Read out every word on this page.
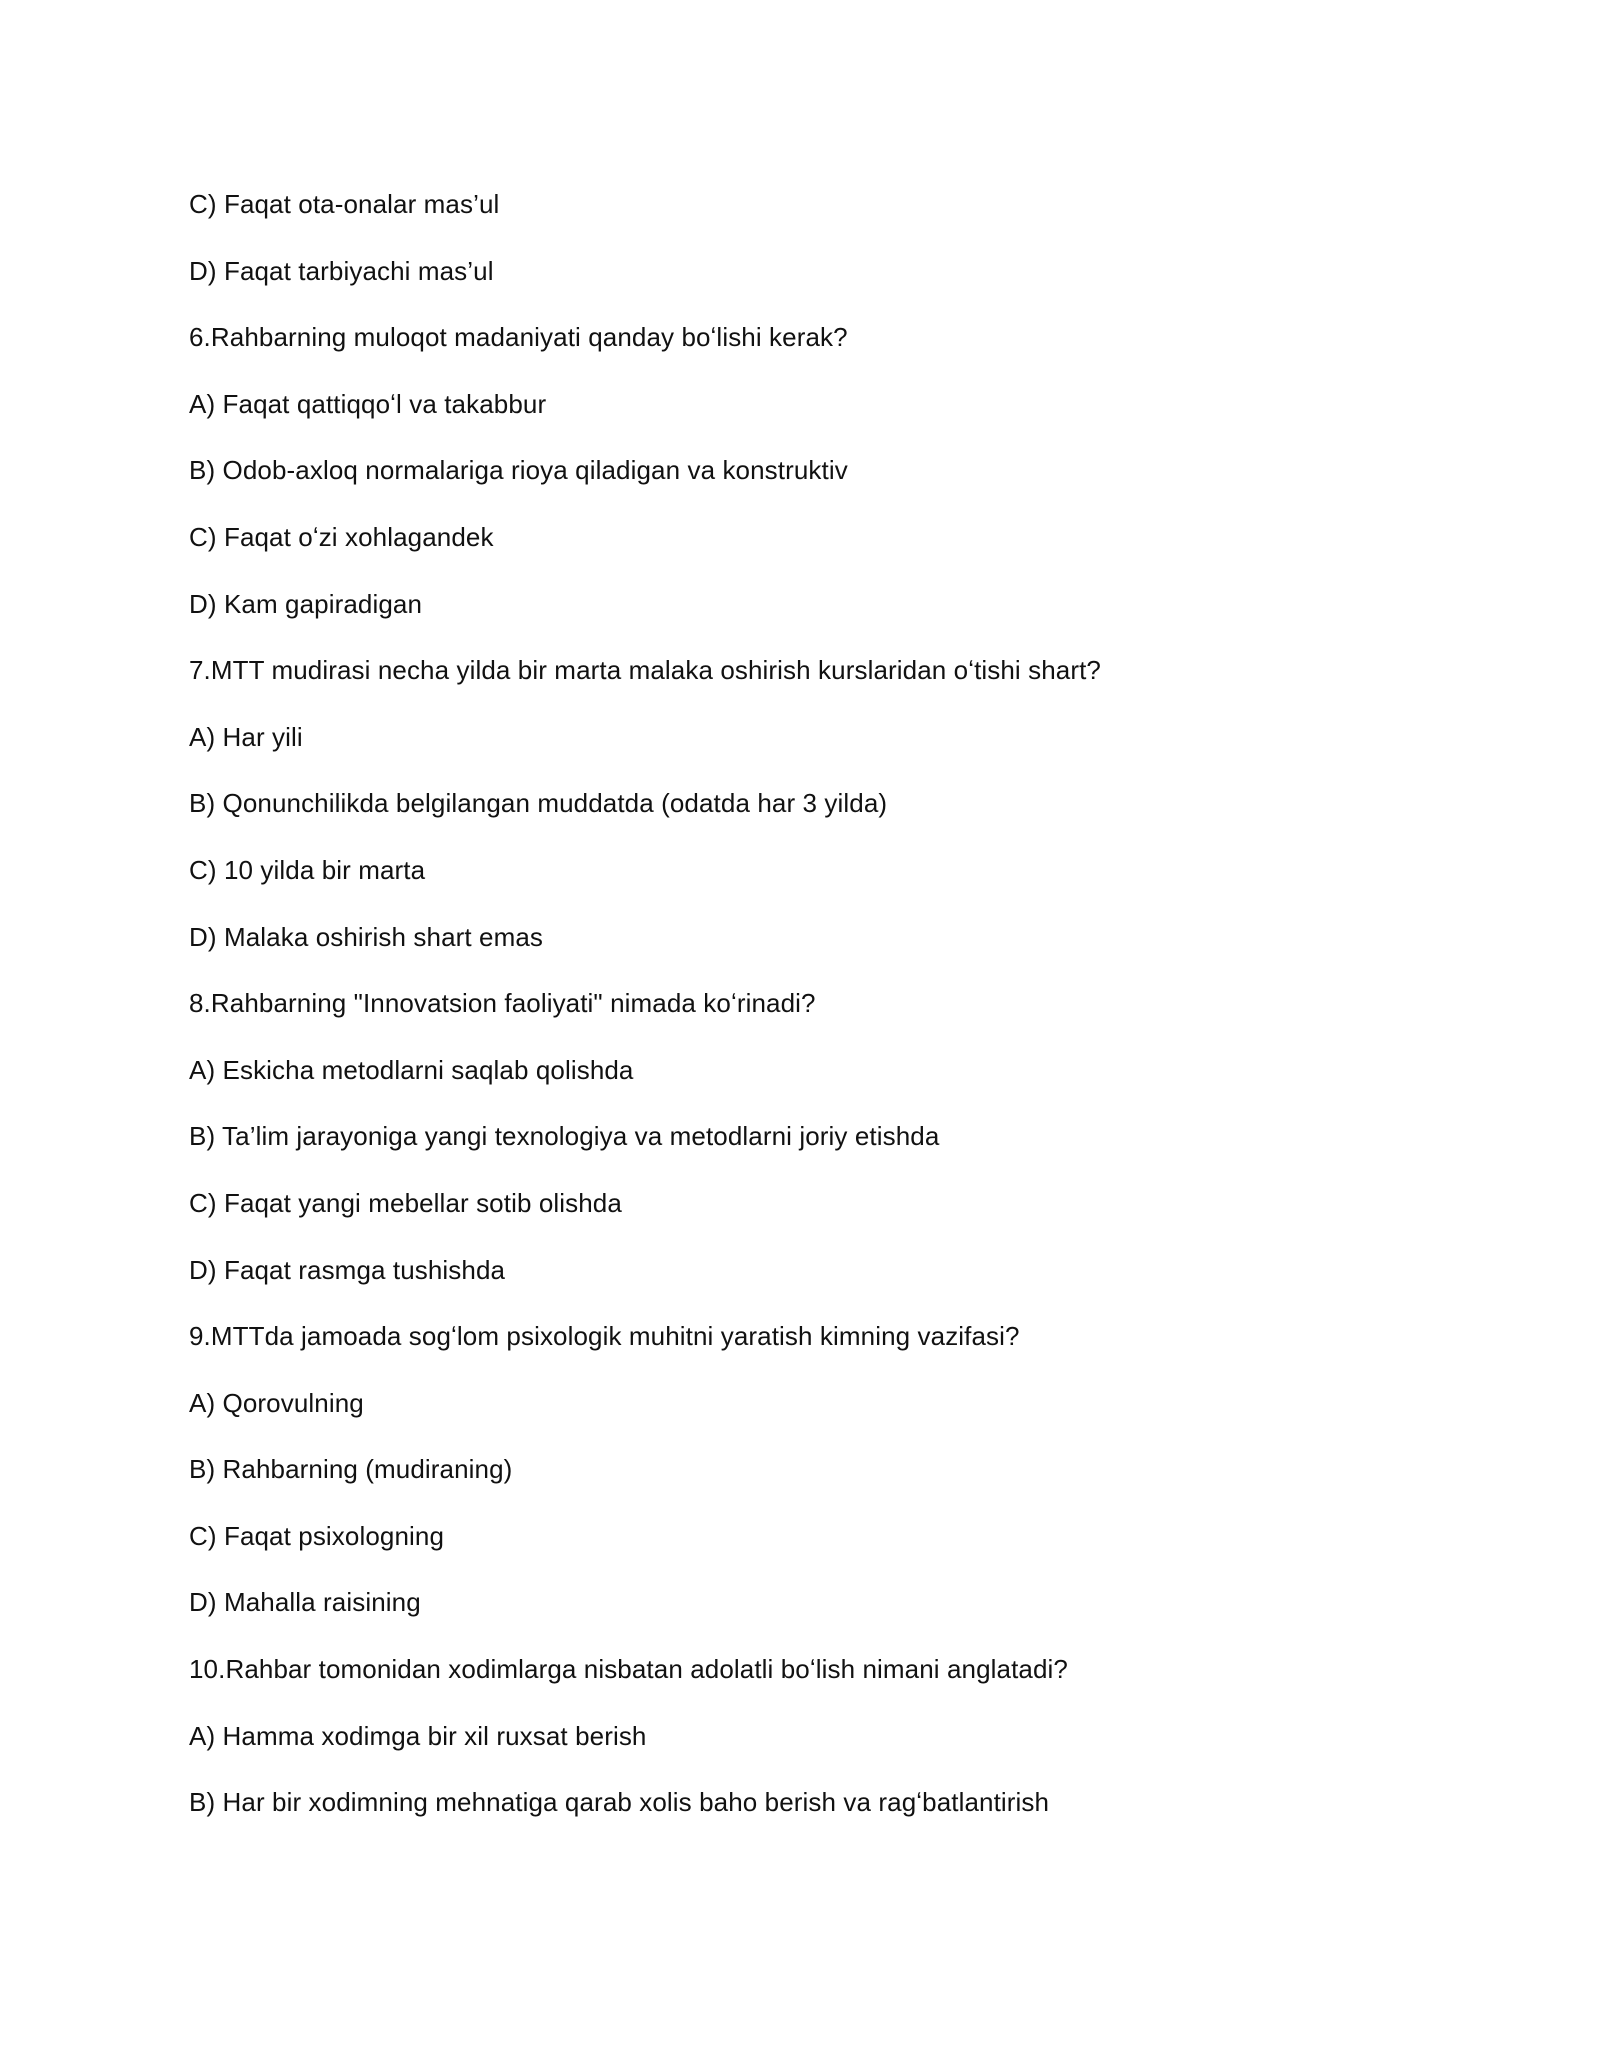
C) Faqat ota-onalar mas’ul
D) Faqat tarbiyachi mas’ul
6.Rahbarning muloqot madaniyati qanday boʻlishi kerak?
A) Faqat qattiqqoʻl va takabbur
B) Odob-axloq normalariga rioya qiladigan va konstruktiv
C) Faqat oʻzi xohlagandek
D) Kam gapiradigan
7.MTT mudirasi necha yilda bir marta malaka oshirish kurslaridan oʻtishi shart?
A) Har yili
B) Qonunchilikda belgilangan muddatda (odatda har 3 yilda)
C) 10 yilda bir marta
D) Malaka oshirish shart emas
8.Rahbarning "Innovatsion faoliyati" nimada koʻrinadi?
A) Eskicha metodlarni saqlab qolishda
B) Ta’lim jarayoniga yangi texnologiya va metodlarni joriy etishda
C) Faqat yangi mebellar sotib olishda
D) Faqat rasmga tushishda
9.MTTda jamoada sogʻlom psixologik muhitni yaratish kimning vazifasi?
A) Qorovulning
B) Rahbarning (mudiraning)
C) Faqat psixologning
D) Mahalla raisining
10.Rahbar tomonidan xodimlarga nisbatan adolatli boʻlish nimani anglatadi?
A) Hamma xodimga bir xil ruxsat berish
B) Har bir xodimning mehnatiga qarab xolis baho berish va ragʻbatlantirish
